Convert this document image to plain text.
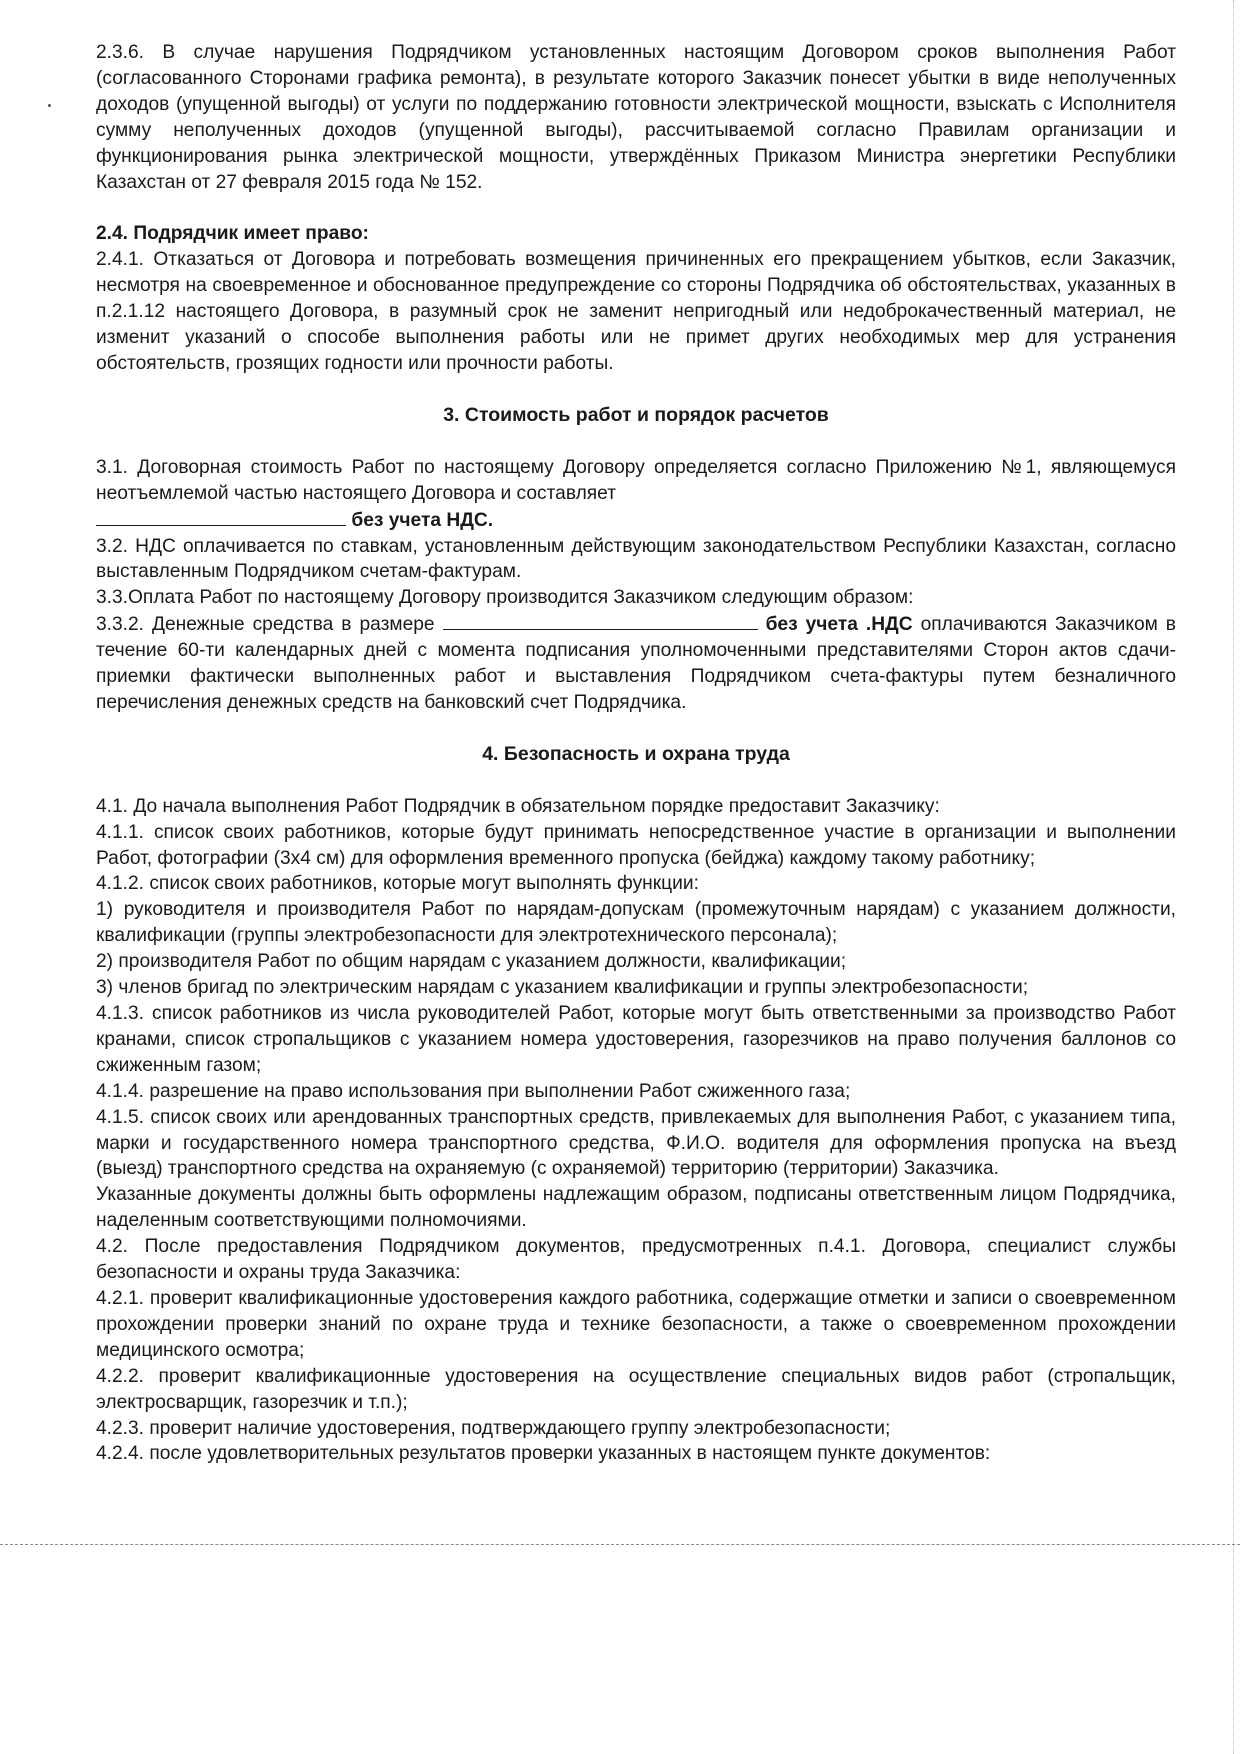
2.3.6. В случае нарушения Подрядчиком установленных настоящим Договором сроков выполнения Работ (согласованного Сторонами графика ремонта), в результате которого Заказчик понесет убытки в виде неполученных доходов (упущенной выгоды) от услуги по поддержанию готовности электрической мощности, взыскать с Исполнителя сумму неполученных доходов (упущенной выгоды), рассчитываемой согласно Правилам организации и функционирования рынка электрической мощности, утверждённых Приказом Министра энергетики Республики Казахстан от 27 февраля 2015 года № 152.

2.4. Подрядчик имеет право:

2.4.1. Отказаться от Договора и потребовать возмещения причиненных его прекращением убытков, если Заказчик, несмотря на своевременное и обоснованное предупреждение со стороны Подрядчика об обстоятельствах, указанных в п.2.1.12 настоящего Договора, в разумный срок не заменит непригодный или недоброкачественный материал, не изменит указаний о способе выполнения работы или не примет других необходимых мер для устранения обстоятельств, грозящих годности или прочности работы.

3. Стоимость работ и порядок расчетов

3.1. Договорная стоимость Работ по настоящему Договору определяется согласно Приложению №1, являющемуся неотъемлемой частью настоящего Договора и составляет
без учета НДС.

3.2. НДС оплачивается по ставкам, установленным действующим законодательством Республики Казахстан, согласно выставленным Подрядчиком счетам-фактурам.

3.3.Оплата Работ по настоящему Договору производится Заказчиком следующим образом:

3.3.2. Денежные средства в размере	без учета .НДС оплачиваются Заказчиком в течение 60-ти календарных дней с момента подписания уполномоченными представителями Сторон актов сдачи-приемки фактически выполненных работ и выставления Подрядчиком счета-фактуры путем безналичного перечисления денежных средств на банковский счет Подрядчика.

4. Безопасность и охрана труда

4.1. До начала выполнения Работ Подрядчик в обязательном порядке предоставит Заказчику:

4.1.1. список своих работников, которые будут принимать непосредственное участие в организации и выполнении Работ, фотографии (3х4 см) для оформления временного пропуска (бейджа) каждому такому работнику;

4.1.2. список своих работников, которые могут выполнять функции:

1) руководителя и производителя Работ по нарядам-допускам (промежуточным нарядам) с указанием должности, квалификации (группы электробезопасности для электротехнического персонала);

2) производителя Работ по общим нарядам с указанием должности, квалификации;

3) членов бригад по электрическим нарядам с указанием квалификации и группы электробезопасности;

4.1.3. список работников из числа руководителей Работ, которые могут быть ответственными за производство Работ кранами, список стропальщиков с указанием номера удостоверения, газорезчиков на право получения баллонов со сжиженным газом;

4.1.4. разрешение на право использования при выполнении Работ сжиженного газа;

4.1.5. список своих или арендованных транспортных средств, привлекаемых для выполнения Работ, с указанием типа, марки и государственного номера транспортного средства, Ф.И.О. водителя для оформления пропуска на въезд (выезд) транспортного средства на охраняемую (с охраняемой) территорию (территории) Заказчика.

Указанные документы должны быть оформлены надлежащим образом, подписаны ответственным лицом Подрядчика, наделенным соответствующими полномочиями.

4.2. После предоставления Подрядчиком документов, предусмотренных п.4.1. Договора, специалист службы безопасности и охраны труда Заказчика:

4.2.1. проверит квалификационные удостоверения каждого работника, содержащие отметки и записи о своевременном прохождении проверки знаний по охране труда и технике безопасности, а также о своевременном прохождении медицинского осмотра;

4.2.2. проверит квалификационные удостоверения на осуществление специальных видов работ (стропальщик, электросварщик, газорезчик и т.п.);

4.2.3. проверит наличие удостоверения, подтверждающего группу электробезопасности;

4.2.4. после удовлетворительных результатов проверки указанных в настоящем пункте документов:
